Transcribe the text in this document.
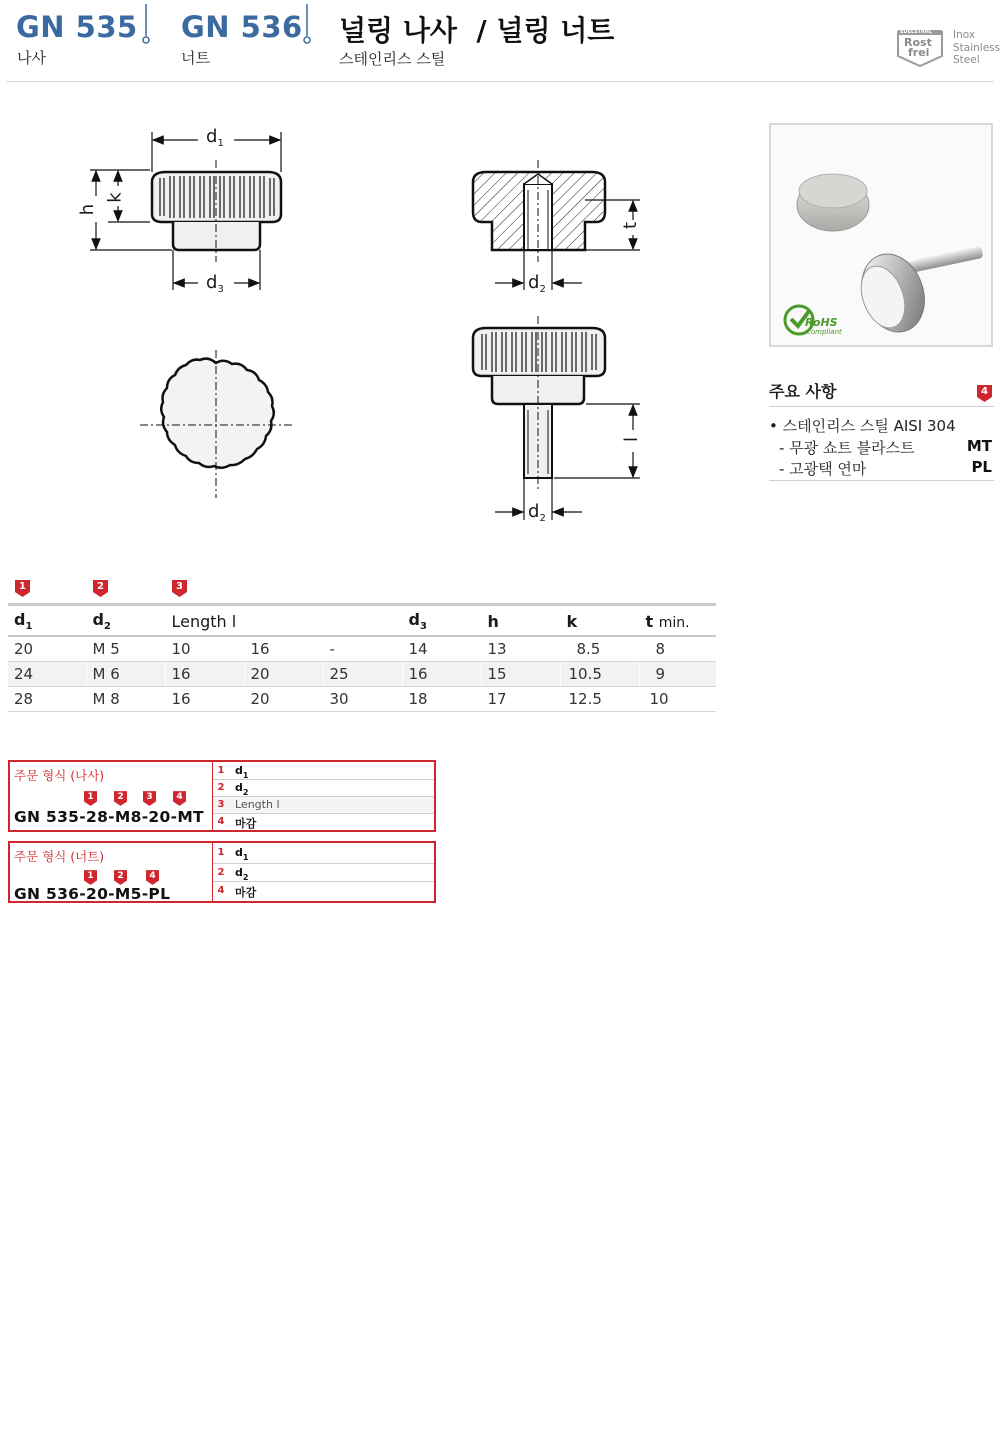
GN 535
나사
GN 536
너트
널링 나사  / 널링 너트
스테인리스 스틸
EDELSTAHL
Rost
frei
Inox
Stainless
Steel
$d_1$
$d_3$
h
k
$d_2$
t
l
$d_2$
RoHS
compliant
주요 사항	4
• 스테인리스 스틸 AISI 304
- 무광 쇼트 블라스트	MT
- 고광택 연마	PL
1	2	3
$d_1$	$d_2$	Length l			$d_3$	h	k	t min.
20	M 5	10	16	-	14	13	8.5	8
24	M 6	16	20	25	16	15	10.5	9
28	M 8	16	20	30	18	17	12.5	10
주문 형식 (나사)
1	2	3	4
GN 535-28-M8-20-MT
1 $d_1$
2 $d_2$
3 Length l
4 마감
주문 형식 (너트)
1	2	4
GN 536-20-M5-PL
1 $d_1$
2 $d_2$
4 마감
